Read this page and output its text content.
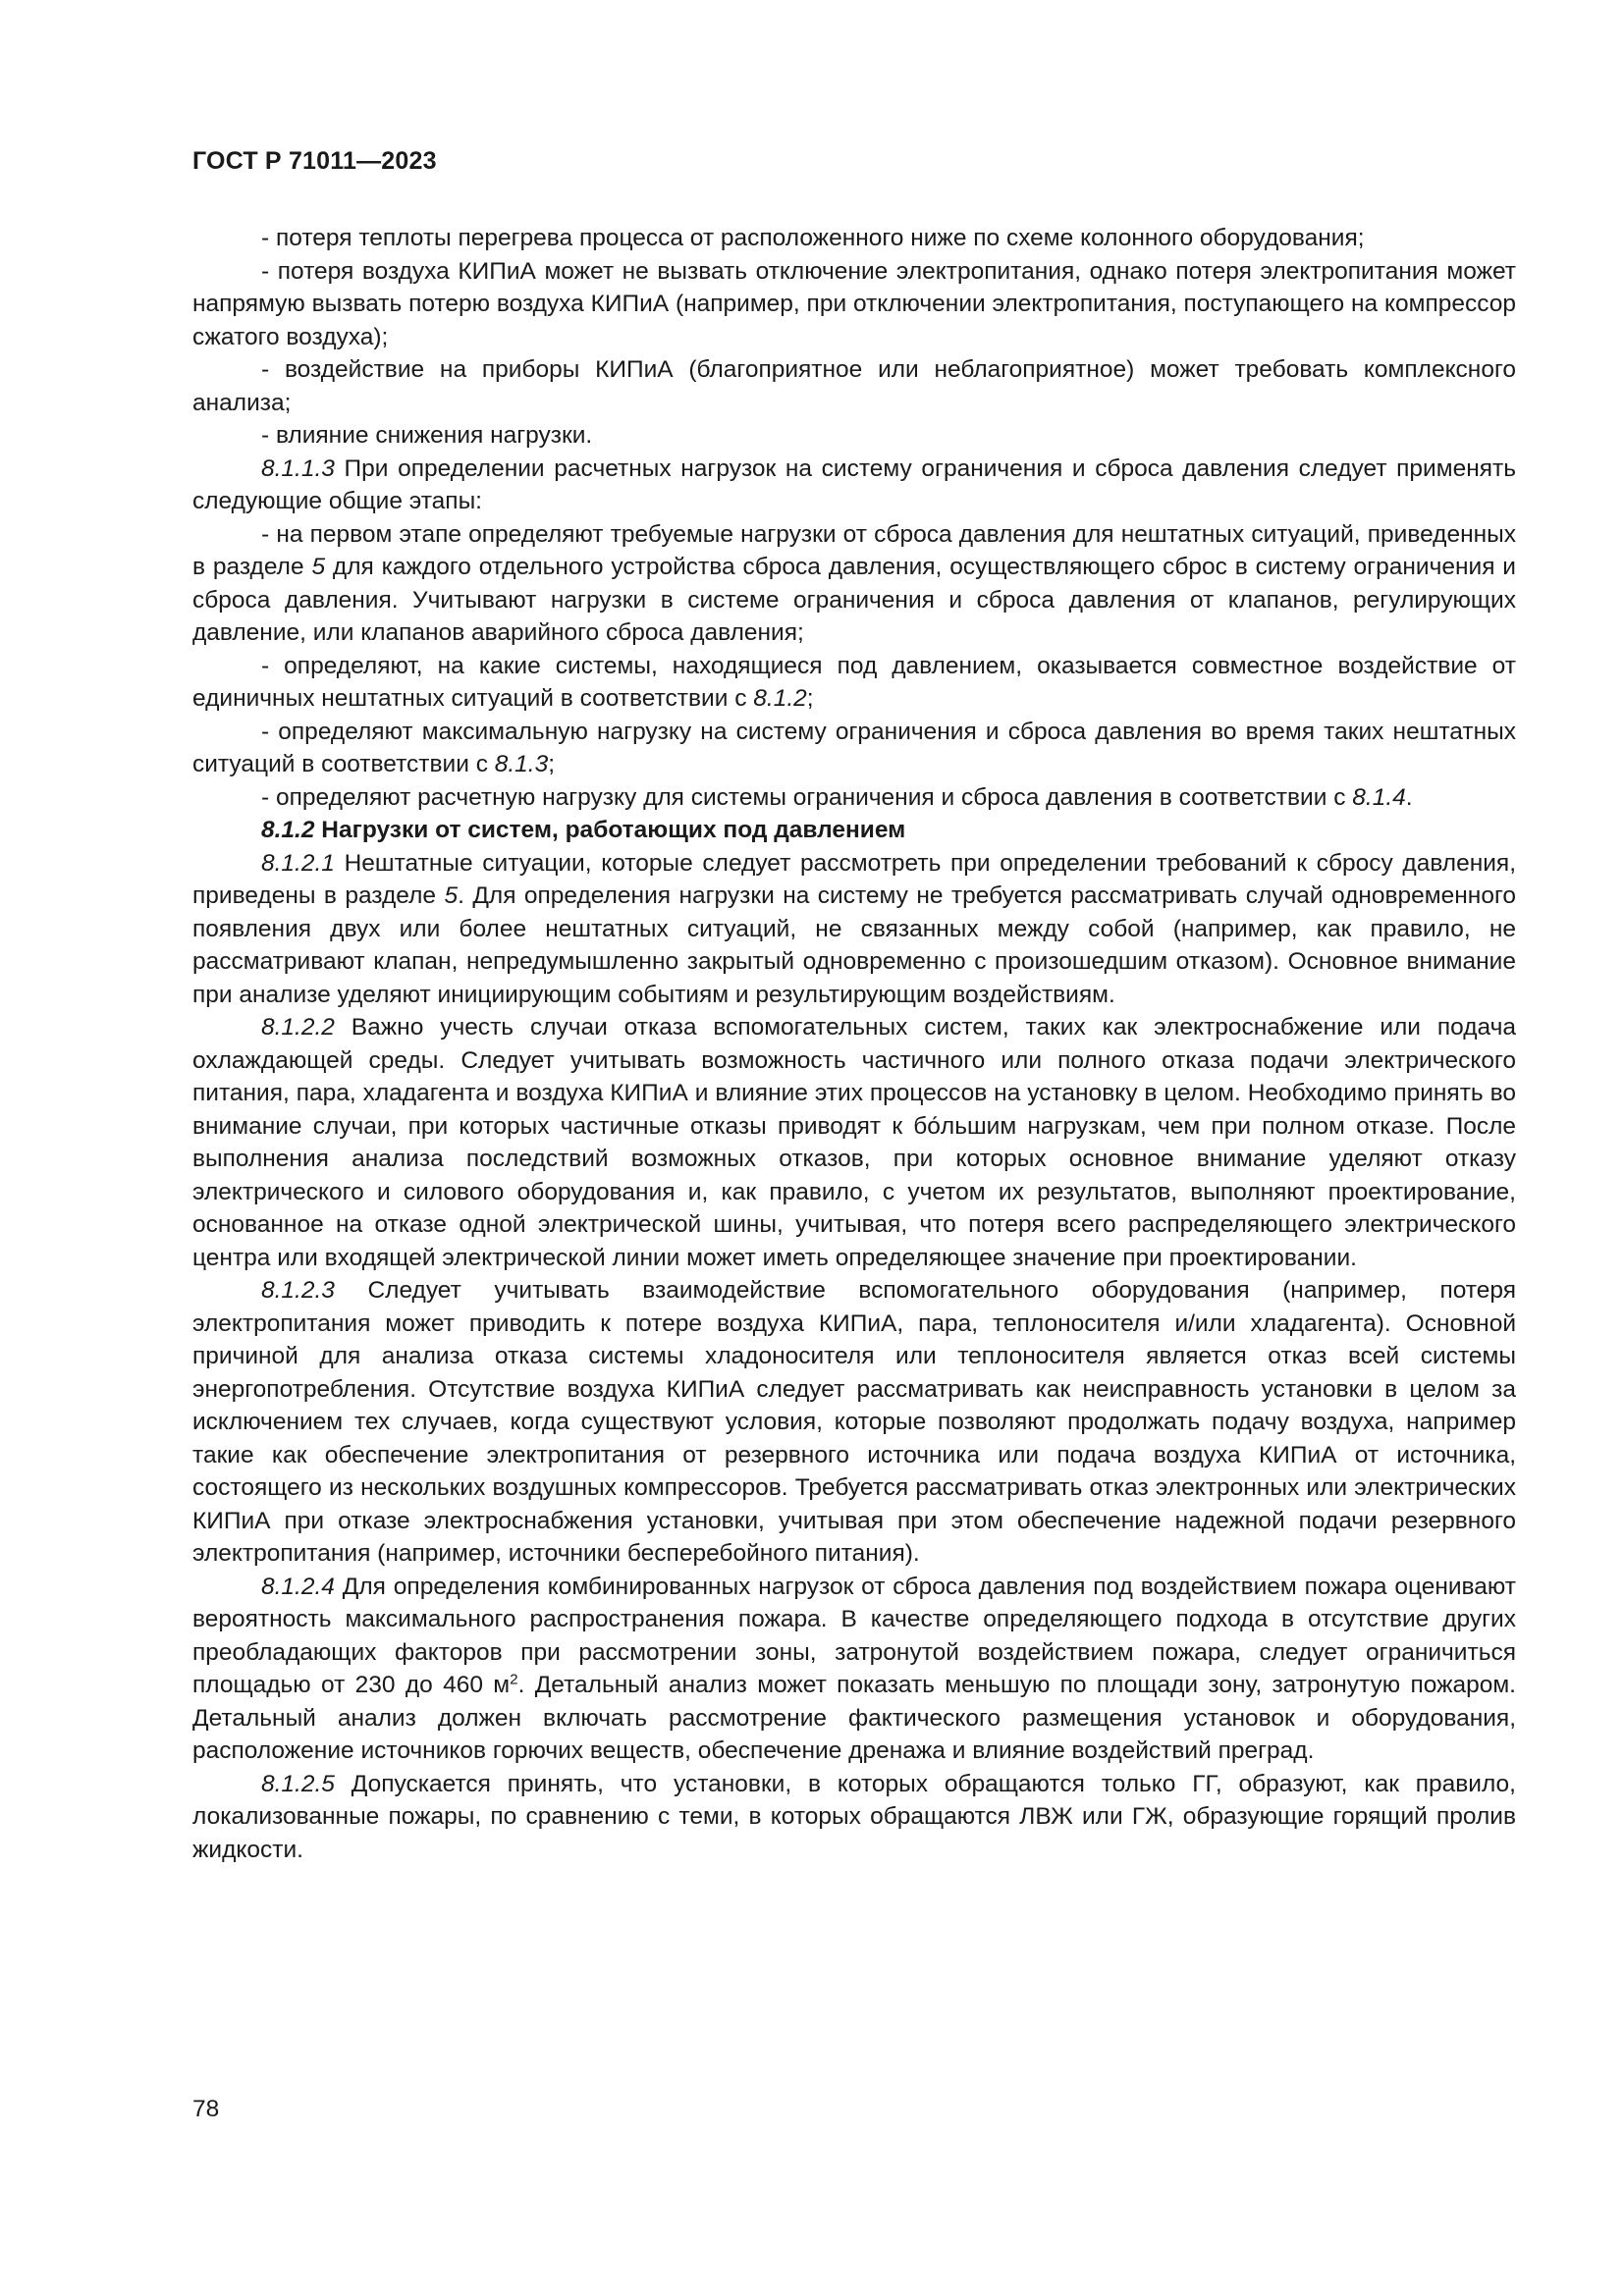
ГОСТ Р 71011—2023

- потеря теплоты перегрева процесса от расположенного ниже по схеме колонного оборудования;

- потеря воздуха КИПиА может не вызвать отключение электропитания, однако потеря электропитания может напрямую вызвать потерю воздуха КИПиА (например, при отключении электропитания, поступающего на компрессор сжатого воздуха);

- воздействие на приборы КИПиА (благоприятное или неблагоприятное) может требовать комплексного анализа;

- влияние снижения нагрузки.

8.1.1.3 При определении расчетных нагрузок на систему ограничения и сброса давления следует применять следующие общие этапы:

- на первом этапе определяют требуемые нагрузки от сброса давления для нештатных ситуаций, приведенных в разделе 5 для каждого отдельного устройства сброса давления, осуществляющего сброс в систему ограничения и сброса давления. Учитывают нагрузки в системе ограничения и сброса давления от клапанов, регулирующих давление, или клапанов аварийного сброса давления;

- определяют, на какие системы, находящиеся под давлением, оказывается совместное воздействие от единичных нештатных ситуаций в соответствии с 8.1.2;

- определяют максимальную нагрузку на систему ограничения и сброса давления во время таких нештатных ситуаций в соответствии с 8.1.3;

- определяют расчетную нагрузку для системы ограничения и сброса давления в соответствии с 8.1.4.

8.1.2 Нагрузки от систем, работающих под давлением

8.1.2.1 Нештатные ситуации, которые следует рассмотреть при определении требований к сбросу давления, приведены в разделе 5. Для определения нагрузки на систему не требуется рассматривать случай одновременного появления двух или более нештатных ситуаций, не связанных между собой (например, как правило, не рассматривают клапан, непредумышленно закрытый одновременно с произошедшим отказом). Основное внимание при анализе уделяют инициирующим событиям и результирующим воздействиям.

8.1.2.2 Важно учесть случаи отказа вспомогательных систем, таких как электроснабжение или подача охлаждающей среды. Следует учитывать возможность частичного или полного отказа подачи электрического питания, пара, хладагента и воздуха КИПиА и влияние этих процессов на установку в целом. Необходимо принять во внимание случаи, при которых частичные отказы приводят к бо́льшим нагрузкам, чем при полном отказе. После выполнения анализа последствий возможных отказов, при которых основное внимание уделяют отказу электрического и силового оборудования и, как правило, с учетом их результатов, выполняют проектирование, основанное на отказе одной электрической шины, учитывая, что потеря всего распределяющего электрического центра или входящей электрической линии может иметь определяющее значение при проектировании.

8.1.2.3 Следует учитывать взаимодействие вспомогательного оборудования (например, потеря электропитания может приводить к потере воздуха КИПиА, пара, теплоносителя и/или хладагента). Основной причиной для анализа отказа системы хладоносителя или теплоносителя является отказ всей системы энергопотребления. Отсутствие воздуха КИПиА следует рассматривать как неисправность установки в целом за исключением тех случаев, когда существуют условия, которые позволяют продолжать подачу воздуха, например такие как обеспечение электропитания от резервного источника или подача воздуха КИПиА от источника, состоящего из нескольких воздушных компрессоров. Требуется рассматривать отказ электронных или электрических КИПиА при отказе электроснабжения установки, учитывая при этом обеспечение надежной подачи резервного электропитания (например, источники бесперебойного питания).

8.1.2.4 Для определения комбинированных нагрузок от сброса давления под воздействием пожара оценивают вероятность максимального распространения пожара. В качестве определяющего подхода в отсутствие других преобладающих факторов при рассмотрении зоны, затронутой воздействием пожара, следует ограничиться площадью от 230 до 460 $м^2$. Детальный анализ может показать меньшую по площади зону, затронутую пожаром. Детальный анализ должен включать рассмотрение фактического размещения установок и оборудования, расположение источников горючих веществ, обеспечение дренажа и влияние воздействий преград.

8.1.2.5 Допускается принять, что установки, в которых обращаются только ГГ, образуют, как правило, локализованные пожары, по сравнению с теми, в которых обращаются ЛВЖ или ГЖ, образующие горящий пролив жидкости.

78
